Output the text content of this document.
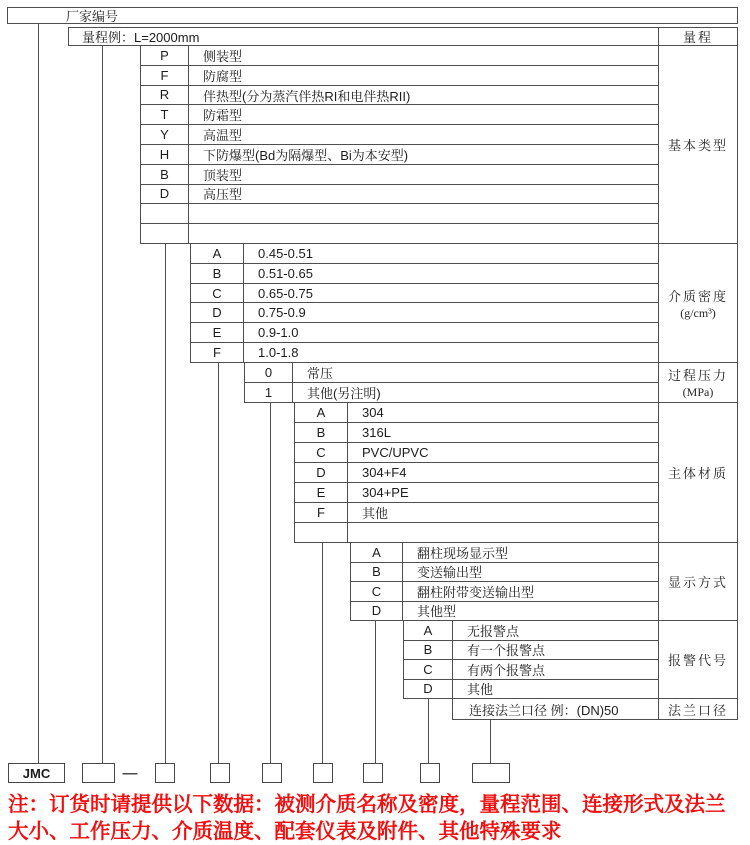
厂家编号
量程例：L=2000mm	量程
P	侧装型
F	防腐型
R	伴热型(分为蒸汽伴热RI和电伴热RII)
T	防霜型
Y	高温型
H	下防爆型(Bd为隔爆型、Bi为本安型)
B	顶装型
D	高压型
基本类型
A	0.45-0.51
B	0.51-0.65
C	0.65-0.75
D	0.75-0.9
E	0.9-1.0
F	1.0-1.8
介质密度
(g/cm³)
0	常压
1	其他(另注明)
过程压力
(MPa)
A	304
B	316L
C	PVC/UPVC
D	304+F4
E	304+PE
F	其他
主体材质
A	翻柱现场显示型
B	变送输出型
C	翻柱附带变送输出型
D	其他型
显示方式
A	无报警点
B	有一个报警点
C	有两个报警点
D	其他
报警代号
连接法兰口径 例：(DN)50	法兰口径
JMC	—
注：订货时请提供以下数据：被测介质名称及密度，量程范围、连接形式及法兰
大小、工作压力、介质温度、配套仪表及附件、其他特殊要求
